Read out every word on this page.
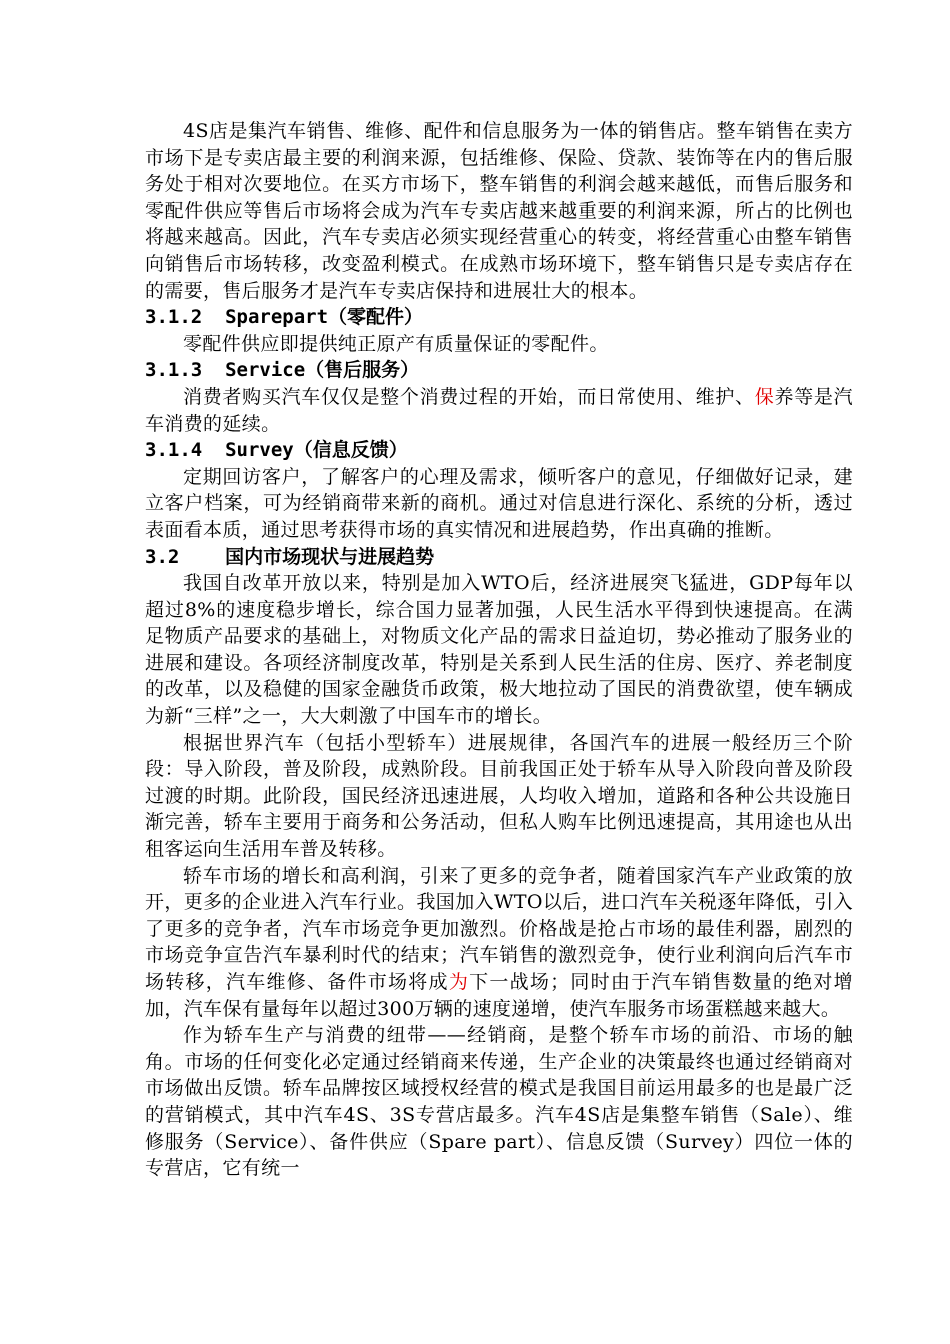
4S店是集汽车销售、维修、配件和信息服务为一体的销售店。整车销售在卖方市场下是专卖店最主要的利润来源，包括维修、保险、贷款、装饰等在内的售后服务处于相对次要地位。在买方市场下，整车销售的利润会越来越低，而售后服务和零配件供应等售后市场将会成为汽车专卖店越来越重要的利润来源，所占的比例也将越来越高。因此，汽车专卖店必须实现经营重心的转变，将经营重心由整车销售向销售后市场转移，改变盈利模式。在成熟市场环境下，整车销售只是专卖店存在的需要，售后服务才是汽车专卖店保持和进展壮大的根本。

3.1.2 Sparepart（零配件）

零配件供应即提供纯正原产有质量保证的零配件。

3.1.3 Service（售后服务）

消费者购买汽车仅仅是整个消费过程的开始，而日常使用、维护、保养等是汽车消费的延续。

3.1.4 Survey（信息反馈）

定期回访客户，了解客户的心理及需求，倾听客户的意见，仔细做好记录，建立客户档案，可为经销商带来新的商机。通过对信息进行深化、系统的分析，透过表面看本质，通过思考获得市场的真实情况和进展趋势，作出真确的推断。

3.2 国内市场现状与进展趋势

我国自改革开放以来，特别是加入WTO后，经济进展突飞猛进，GDP每年以超过8%的速度稳步增长，综合国力显著加强，人民生活水平得到快速提高。在满足物质产品要求的基础上，对物质文化产品的需求日益迫切，势必推动了服务业的进展和建设。各项经济制度改革，特别是关系到人民生活的住房、医疗、养老制度的改革，以及稳健的国家金融货币政策，极大地拉动了国民的消费欲望，使车辆成为新“三样”之一，大大刺激了中国车市的增长。

根据世界汽车（包括小型轿车）进展规律，各国汽车的进展一般经历三个阶段：导入阶段，普及阶段，成熟阶段。目前我国正处于轿车从导入阶段向普及阶段过渡的时期。此阶段，国民经济迅速进展，人均收入增加，道路和各种公共设施日渐完善，轿车主要用于商务和公务活动，但私人购车比例迅速提高，其用途也从出租客运向生活用车普及转移。

轿车市场的增长和高利润，引来了更多的竞争者，随着国家汽车产业政策的放开，更多的企业进入汽车行业。我国加入WTO以后，进口汽车关税逐年降低，引入了更多的竞争者，汽车市场竞争更加激烈。价格战是抢占市场的最佳利器，剧烈的市场竞争宣告汽车暴利时代的结束；汽车销售的激烈竞争，使行业利润向后汽车市场转移，汽车维修、备件市场将成为下一战场；同时由于汽车销售数量的绝对增加，汽车保有量每年以超过300万辆的速度递增，使汽车服务市场蛋糕越来越大。

作为轿车生产与消费的纽带——经销商，是整个轿车市场的前沿、市场的触角。市场的任何变化必定通过经销商来传递，生产企业的决策最终也通过经销商对市场做出反馈。轿车品牌按区域授权经营的模式是我国目前运用最多的也是最广泛的营销模式，其中汽车4S、3S专营店最多。汽车4S店是集整车销售（Sale）、维修服务（Service）、备件供应（Spare part）、信息反馈（Survey）四位一体的专营店，它有统一
